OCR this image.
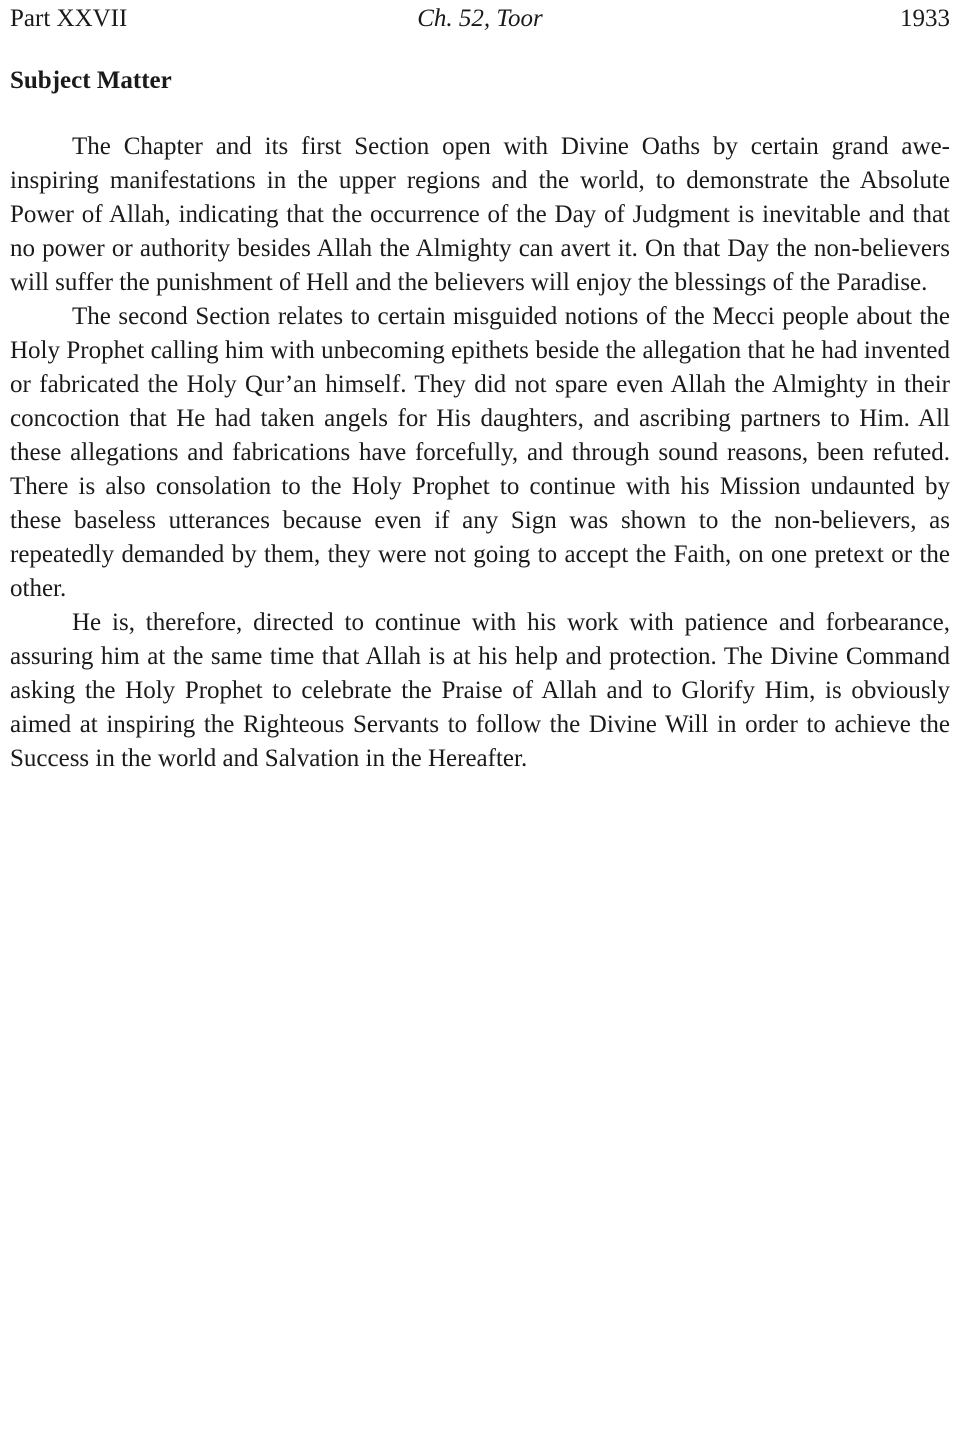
Ch. 52, Toor
Part XXVII	1933
Subject Matter

The Chapter and its first Section open with Divine Oaths by certain grand awe-inspiring manifestations in the upper regions and the world, to demonstrate the Absolute Power of Allah, indicating that the occurrence of the Day of Judgment is inevitable and that no power or authority besides Allah the Almighty can avert it. On that Day the non-believers will suffer the punishment of Hell and the believers will enjoy the blessings of the Paradise.

The second Section relates to certain misguided notions of the Mecci people about the Holy Prophet calling him with unbecoming epithets beside the allegation that he had invented or fabricated the Holy Qur’an himself. They did not spare even Allah the Almighty in their concoction that He had taken angels for His daughters, and ascribing partners to Him. All these allegations and fabrications have forcefully, and through sound reasons, been refuted. There is also consolation to the Holy Prophet to continue with his Mission undaunted by these baseless utterances because even if any Sign was shown to the non-believers, as repeatedly demanded by them, they were not going to accept the Faith, on one pretext or the other.

He is, therefore, directed to continue with his work with patience and forbearance, assuring him at the same time that Allah is at his help and protection. The Divine Command asking the Holy Prophet to celebrate the Praise of Allah and to Glorify Him, is obviously aimed at inspiring the Righteous Servants to follow the Divine Will in order to achieve the Success in the world and Salvation in the Hereafter.
